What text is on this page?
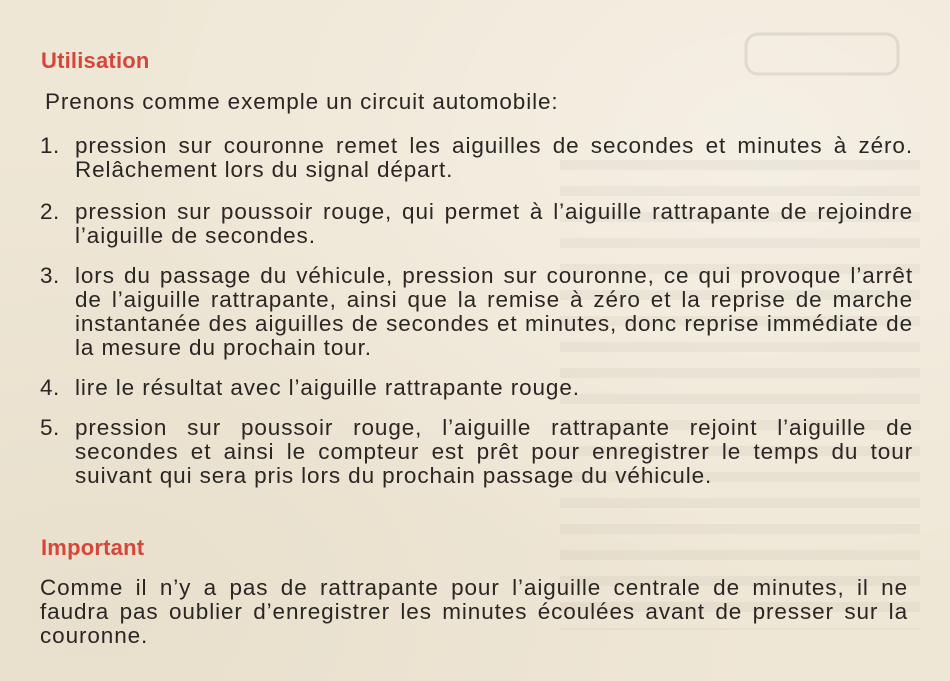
Utilisation
Prenons comme exemple un circuit automobile:
1. pression sur couronne remet les aiguilles de secondes et minutes à zéro. Relâchement lors du signal départ.
2. pression sur poussoir rouge, qui permet à l’aiguille rattrapante de rejoindre l’aiguille de secondes.
3. lors du passage du véhicule, pression sur couronne, ce qui provoque l’arrêt de l’aiguille rattrapante, ainsi que la remise à zéro et la reprise de marche instantanée des aiguilles de secondes et minutes, donc reprise immédiate de la mesure du prochain tour.
4. lire le résultat avec l’aiguille rattrapante rouge.
5. pression sur poussoir rouge, l’aiguille rattrapante rejoint l’aiguille de secondes et ainsi le compteur est prêt pour enregistrer le temps du tour suivant qui sera pris lors du prochain passage du véhicule.
Important
Comme il n’y a pas de rattrapante pour l’aiguille centrale de minutes, il ne faudra pas oublier d’enregistrer les minutes écoulées avant de presser sur la couronne.
